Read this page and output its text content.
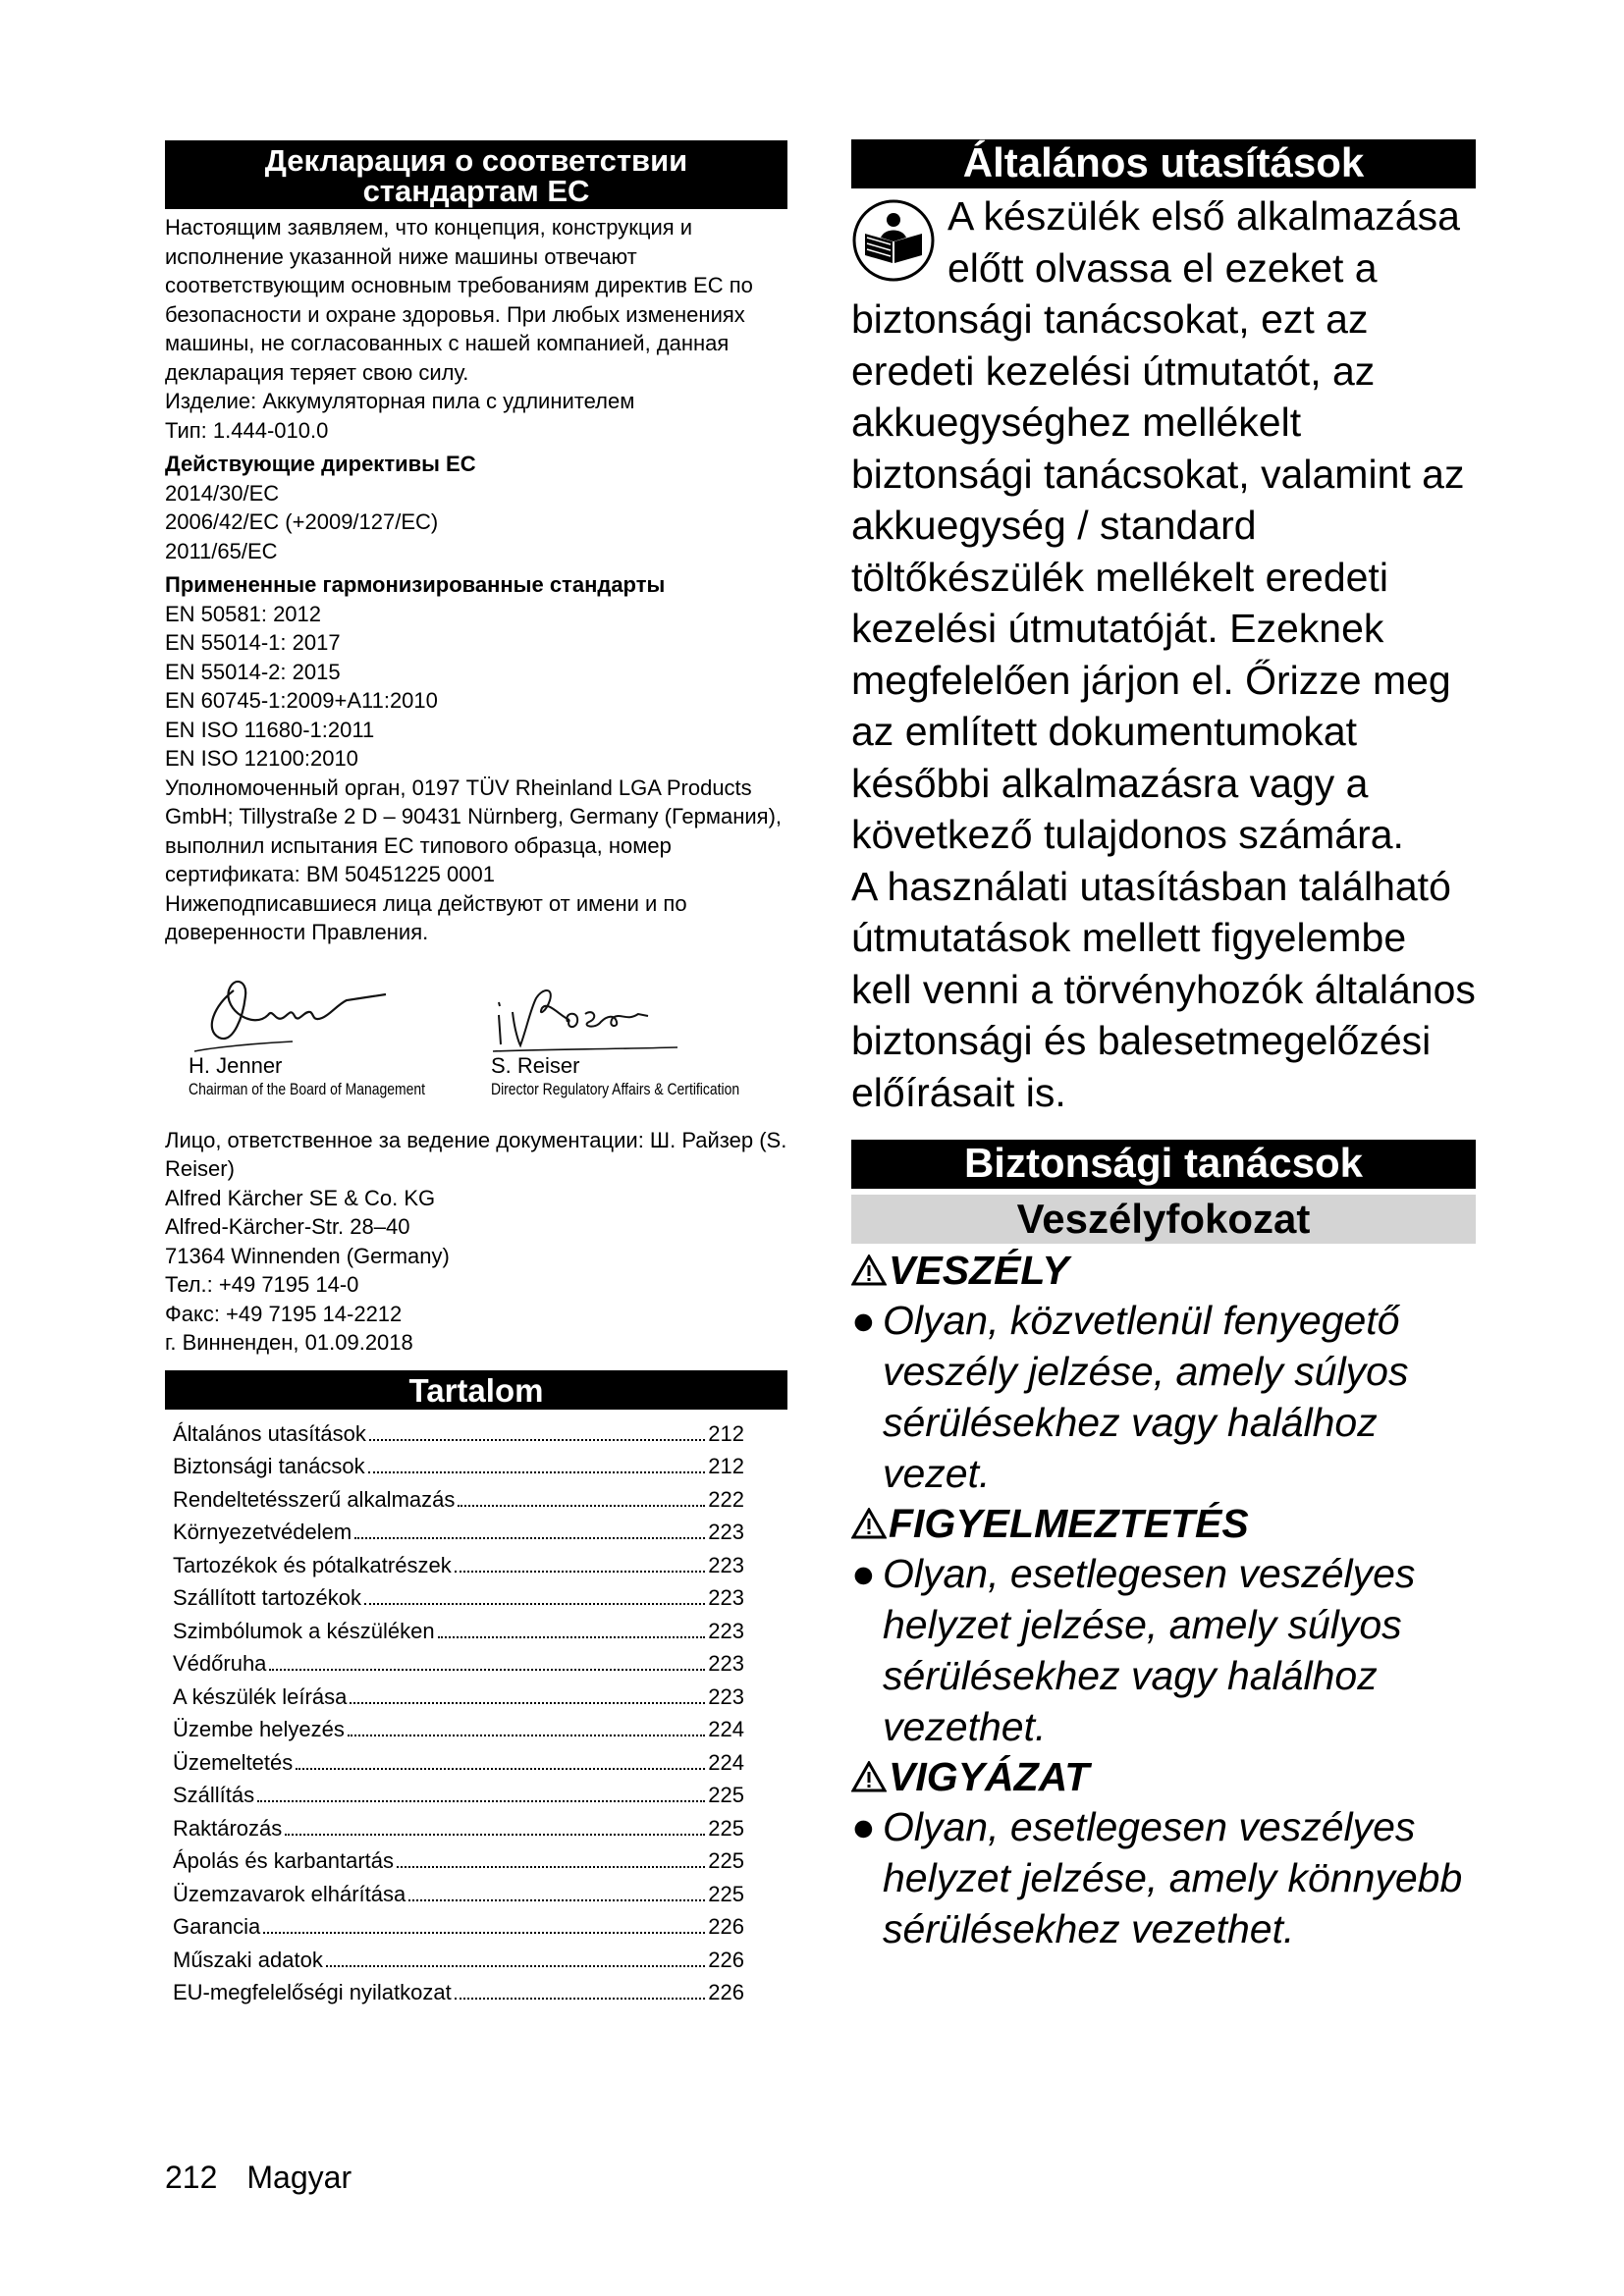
Декларация о соответствии стандартам ЕС

Настоящим заявляем, что концепция, конструкция и исполнение указанной ниже машины отвечают соответствующим основным требованиям директив ЕС по безопасности и охране здоровья. При любых изменениях машины, не согласованных с нашей компанией, данная декларация теряет свою силу.

Изделие: Аккумуляторная пила с удлинителем
Тип: 1.444-010.0
Действующие директивы ЕС
2014/30/EC
2006/42/EC (+2009/127/EC)
2011/65/EC
Примененные гармонизированные стандарты
EN 50581: 2012
EN 55014-1: 2017
EN 55014-2: 2015
EN 60745-1:2009+A11:2010
EN ISO 11680-1:2011
EN ISO 12100:2010

Уполномоченный орган, 0197 TÜV Rheinland LGA Products GmbH; Tillystraße 2 D – 90431 Nürnberg, Germany (Германия), выполнил испытания ЕС типового образца, номер сертификата: BM 50451225 0001

Нижеподписавшиеся лица действуют от имени и по доверенности Правления.

H. Jenner
Chairman of the Board of Management
S. Reiser
Director Regulatory Affairs & Certification

Лицо, ответственное за ведение документации: Ш. Райзер (S. Reiser)

Alfred Kärcher SE & Co. KG
Alfred-Kärcher-Str. 28–40
71364 Winnenden (Germany)
Тел.: +49 7195 14-0
Факс: +49 7195 14-2212
г. Винненден, 01.09.2018
Tartalom
Általános utasítások	212
Biztonsági tanácsok	212
Rendeltetésszerű alkalmazás	222
Környezetvédelem	223
Tartozékok és pótalkatrészek	223
Szállított tartozékok	223
Szimbólumok a készüléken	223
Védőruha	223
A készülék leírása	223
Üzembe helyezés	224
Üzemeltetés	224
Szállítás	225
Raktározás	225
Ápolás és karbantartás	225
Üzemzavarok elhárítása	225
Garancia	226
Műszaki adatok	226
EU-megfelelőségi nyilatkozat	226
Általános utasítások
A készülék első alkalmazása előtt olvassa el ezeket a biztonsági tanácsokat, ezt az eredeti kezelési útmutatót, az akkuegységhez mellékelt biztonsági tanácsokat, valamint az akkuegység / standard töltőkészülék mellékelt eredeti kezelési útmutatóját. Ezeknek megfelelően járjon el. Őrizze meg az említett dokumentumokat későbbi alkalmazásra vagy a következő tulajdonos számára.
A használati utasításban található útmutatások mellett figyelembe kell venni a törvényhozók általános biztonsági és balesetmegelőzési előírásait is.
Biztonsági tanácsok
Veszélyfokozat
VESZÉLY
● Olyan, közvetlenül fenyegető veszély jelzése, amely súlyos sérülésekhez vagy halálhoz vezet.
FIGYELMEZTETÉS
● Olyan, esetlegesen veszélyes helyzet jelzése, amely súlyos sérülésekhez vagy halálhoz vezethet.
VIGYÁZAT
● Olyan, esetlegesen veszélyes helyzet jelzése, amely könnyebb sérülésekhez vezethet.
212 Magyar
